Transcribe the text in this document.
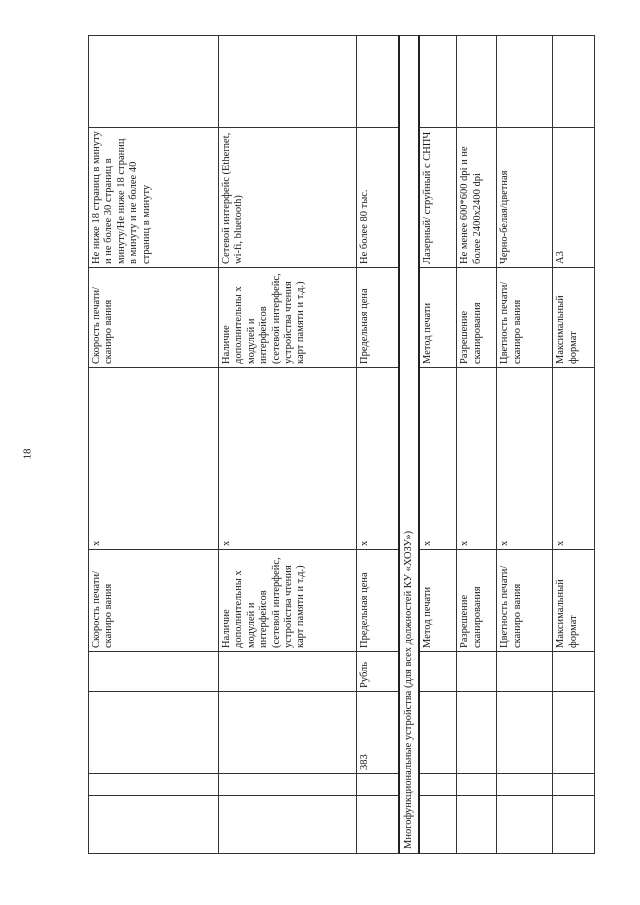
18
				Скорость печати/сканиро вания	х	Скорость печати/сканиро вания	Не ниже 18 страниц в минуту и не более 30 страниц в минуту/Не ниже 18 страниц в минуту и не более 40 страниц в минуту	
				Наличие дополнительны х модулей и интерфейсов (сетевой интерфейс, устройства чтения карт памяти и т.д.)	х	Наличие дополнительны х модулей и интерфейсов (сетевой интерфейс, устройства чтения карт памяти и т.д.)	Сетевой интерфейс (Ethernet, wi-fi, bluetooth)	
		383	Рубль	Предельная цена	х	Предельная цена	Не более 80 тыс.	
Многофункциональные устройства (для всех должностей КУ «ХОЗУ»)								
				Метод печати	х	Метод печати	Лазерный/ струйный с СНПЧ	
				Разрешение сканирования	х	Разрешение сканирования	Не менее 600*600 dpi и не более 2400х2400 dpi	
				Цветность печати/сканиро вания	х	Цветность печати/сканиро вания	Черно-белая/цветная	
				Максимальный формат	х	Максимальный формат	А3	
